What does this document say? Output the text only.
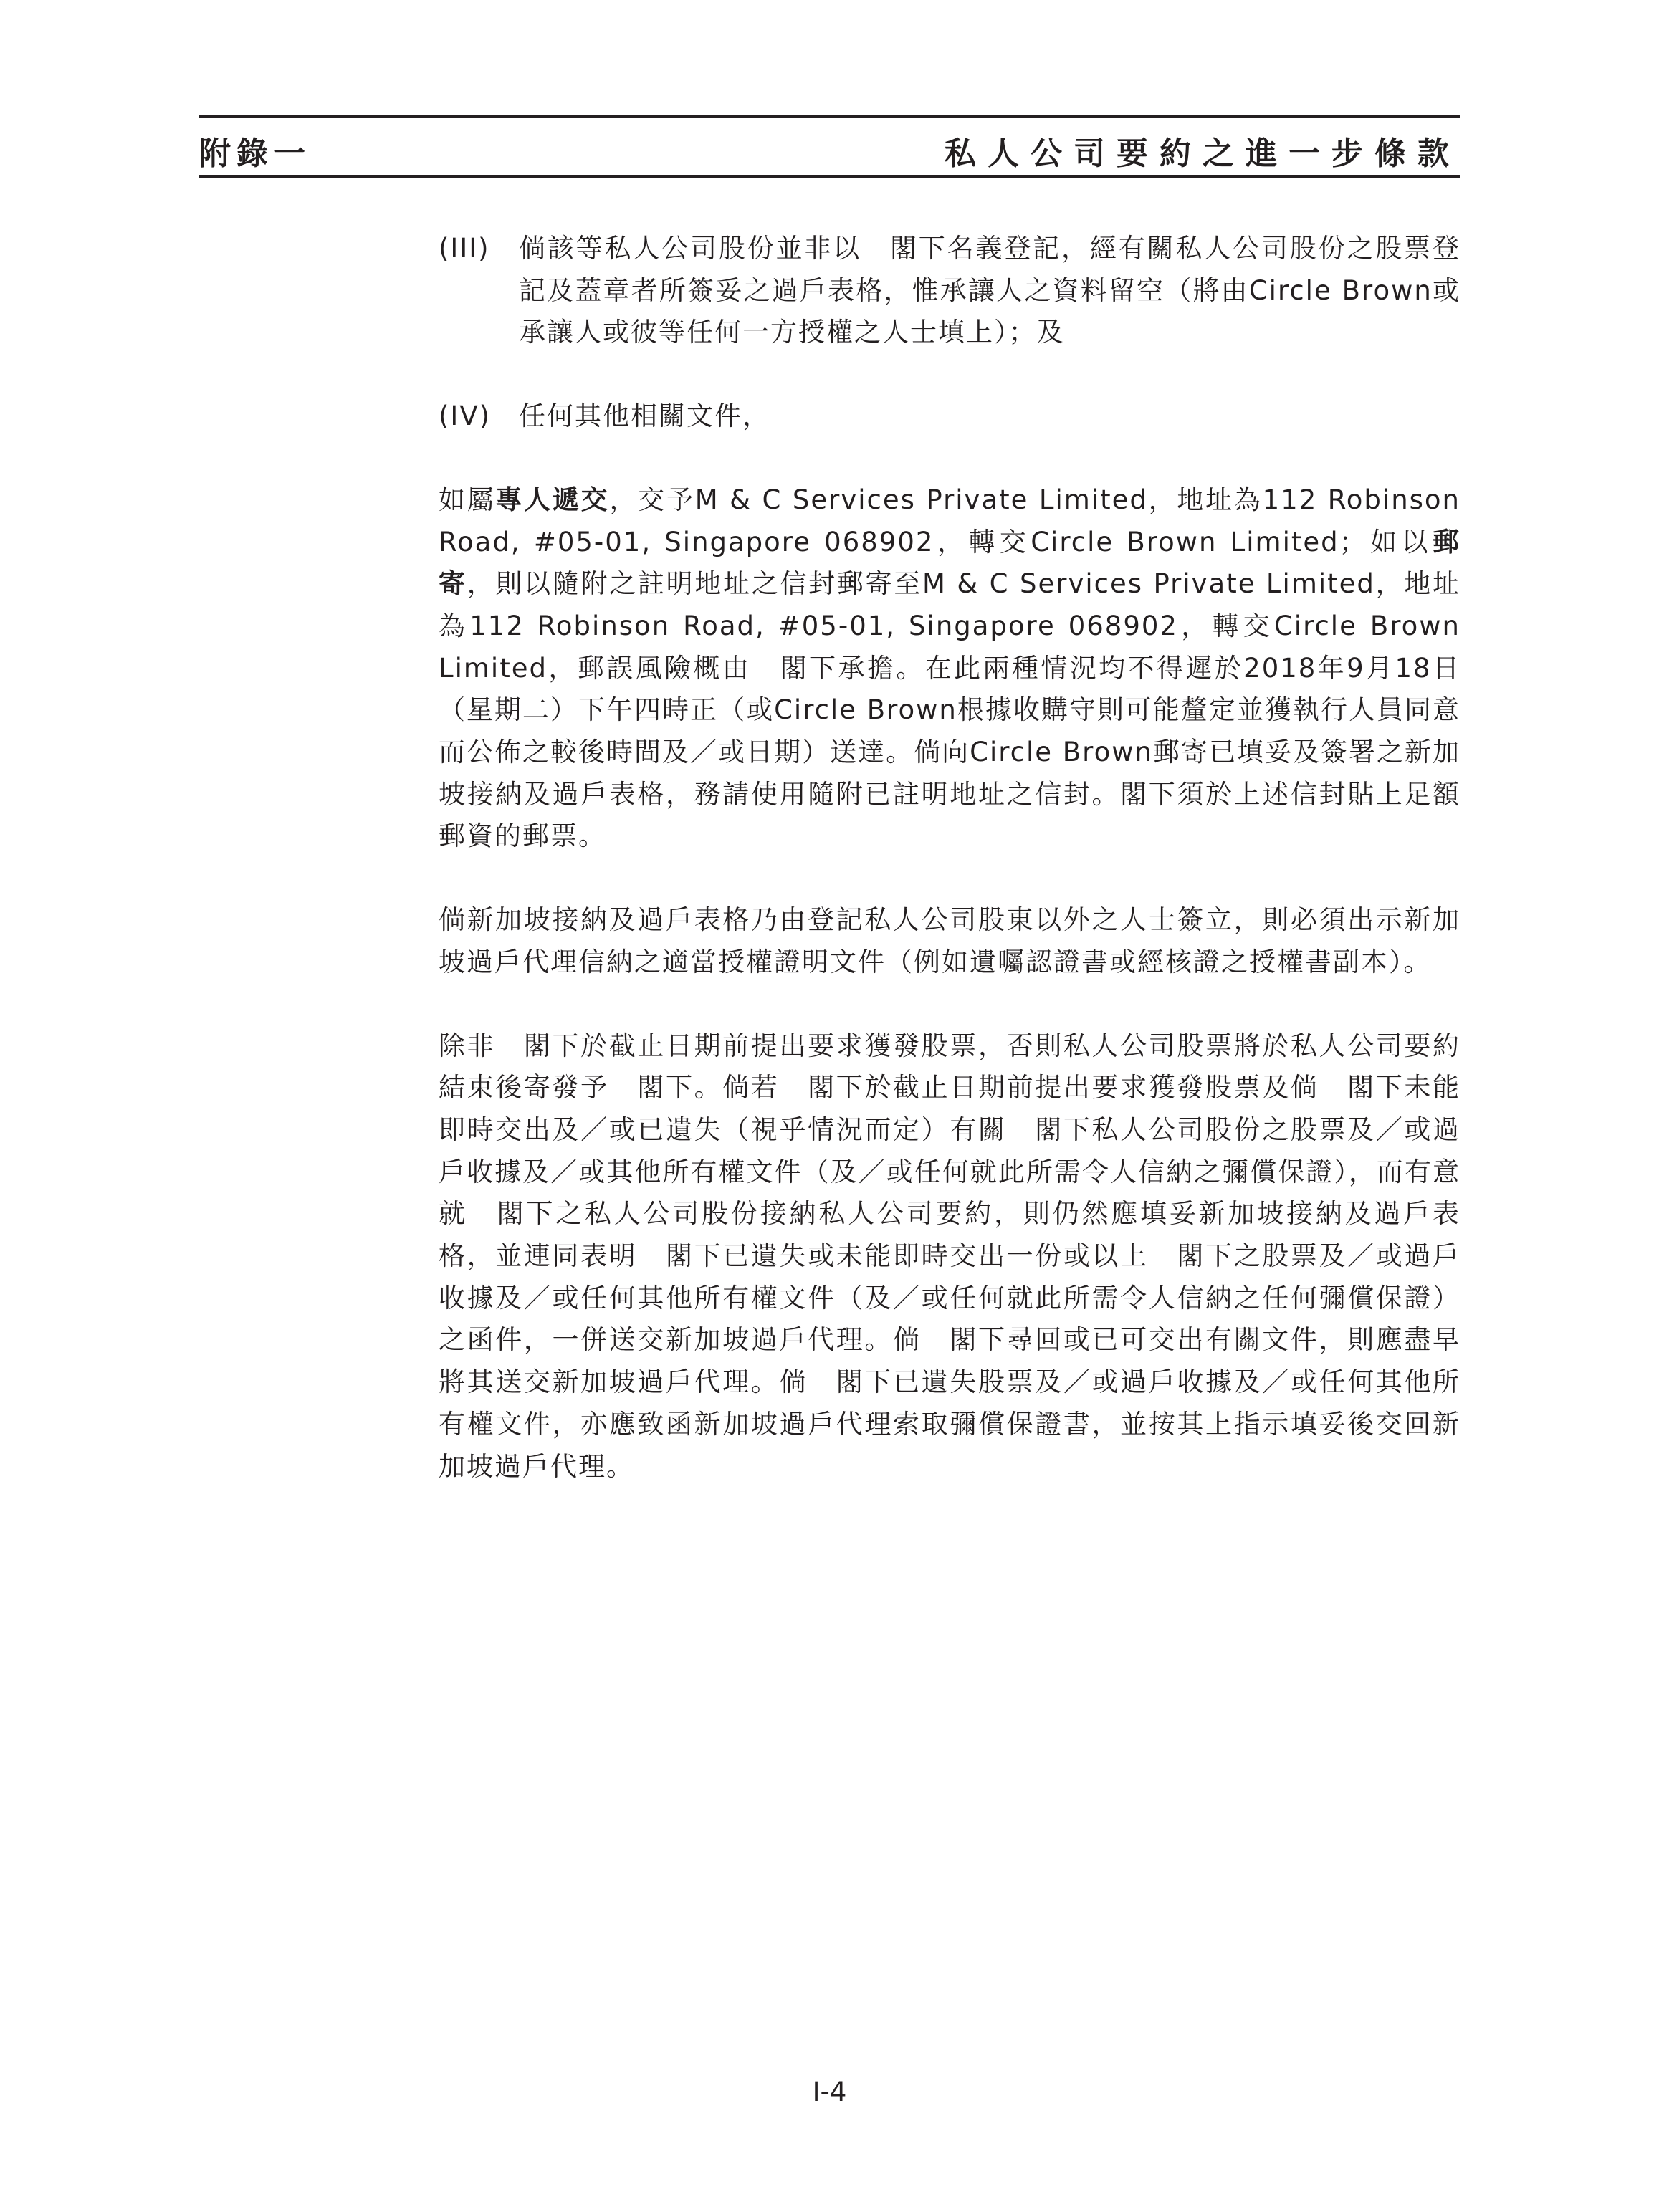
附錄一	私人公司要約之進一步條款
(III)	倘該等私人公司股份並非以　閣下名義登記，經有關私人公司股份之股票登記及蓋章者所簽妥之過戶表格，惟承讓人之資料留空（將由Circle Brown或承讓人或彼等任何一方授權之人士填上）；及
(IV)	任何其他相關文件，

如屬專人遞交，交予M & C Services Private Limited，地址為112 Robinson Road, #05-01, Singapore 068902，轉交Circle Brown Limited；如以郵寄，則以隨附之註明地址之信封郵寄至M & C Services Private Limited，地址為112 Robinson Road, #05-01, Singapore 068902，轉交Circle Brown Limited，郵誤風險概由　閣下承擔。在此兩種情況均不得遲於2018年9月18日（星期二）下午四時正（或Circle Brown根據收購守則可能釐定並獲執行人員同意而公佈之較後時間及／或日期）送達。倘向Circle Brown郵寄已填妥及簽署之新加坡接納及過戶表格，務請使用隨附已註明地址之信封。閣下須於上述信封貼上足額郵資的郵票。

倘新加坡接納及過戶表格乃由登記私人公司股東以外之人士簽立，則必須出示新加坡過戶代理信納之適當授權證明文件（例如遺囑認證書或經核證之授權書副本）。

除非　閣下於截止日期前提出要求獲發股票，否則私人公司股票將於私人公司要約結束後寄發予　閣下。倘若　閣下於截止日期前提出要求獲發股票及倘　閣下未能即時交出及／或已遺失（視乎情況而定）有關　閣下私人公司股份之股票及／或過戶收據及／或其他所有權文件（及／或任何就此所需令人信納之彌償保證），而有意就　閣下之私人公司股份接納私人公司要約，則仍然應填妥新加坡接納及過戶表格，並連同表明　閣下已遺失或未能即時交出一份或以上　閣下之股票及／或過戶收據及／或任何其他所有權文件（及／或任何就此所需令人信納之任何彌償保證）之函件，一併送交新加坡過戶代理。倘　閣下尋回或已可交出有關文件，則應盡早將其送交新加坡過戶代理。倘　閣下已遺失股票及／或過戶收據及／或任何其他所有權文件，亦應致函新加坡過戶代理索取彌償保證書，並按其上指示填妥後交回新加坡過戶代理。

I-4
